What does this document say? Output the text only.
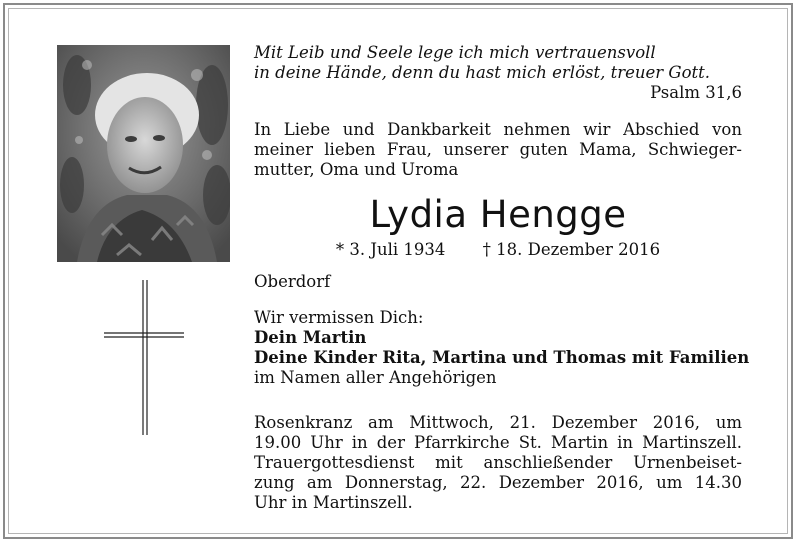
Mit Leib und Seele lege ich mich vertrauensvoll
in deine Hände, denn du hast mich erlöst, treuer Gott.
Psalm 31,6
In Liebe und Dankbarkeit nehmen wir Abschied von
meiner lieben Frau, unserer guten Mama, Schwieger-
mutter, Oma und Uroma
Lydia Hengge
* 3. Juli 1934 † 18. Dezember 2016
Oberdorf
Wir vermissen Dich:
Dein Martin
Deine Kinder Rita, Martina und Thomas mit Familien
im Namen aller Angehörigen
Rosenkranz am Mittwoch, 21. Dezember 2016, um
19.00 Uhr in der Pfarrkirche St. Martin in Martinszell.
Trauergottesdienst mit anschließender Urnenbeiset-
zung am Donnerstag, 22. Dezember 2016, um 14.30
Uhr in Martinszell.
